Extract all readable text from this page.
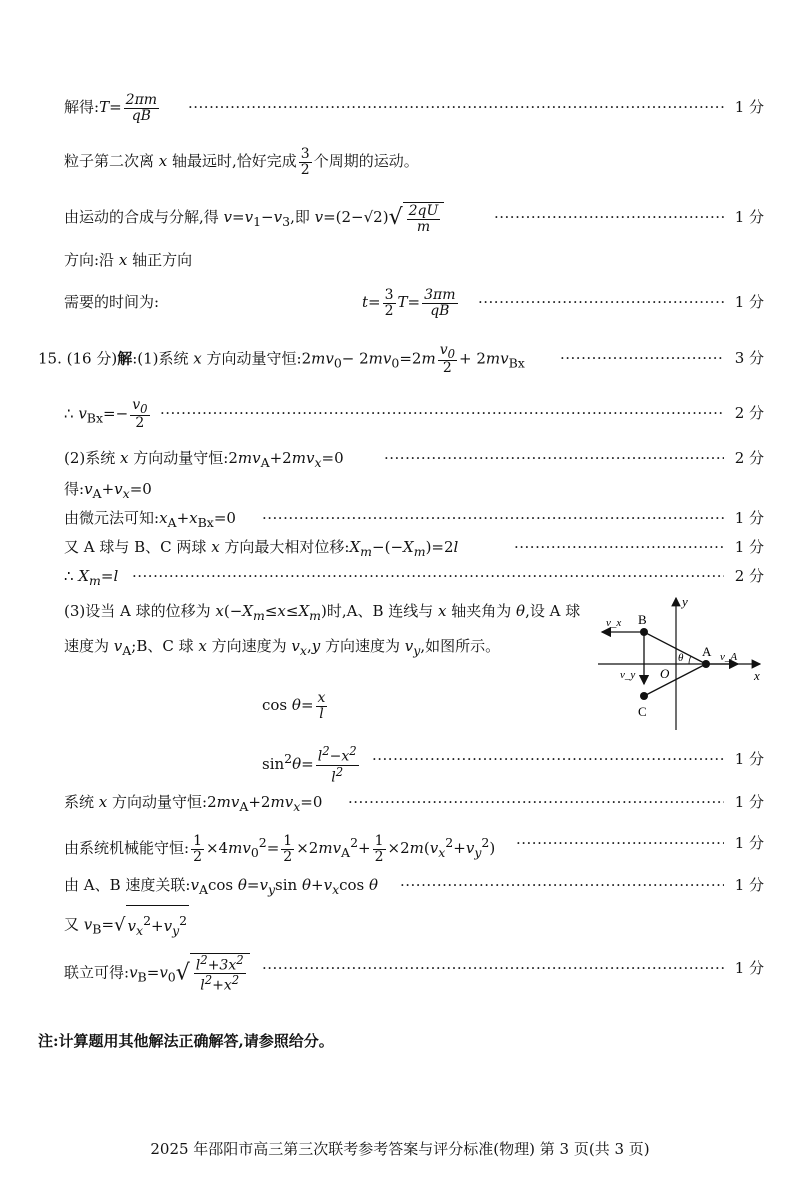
解得:T= $\frac{2\pi m}{qB}$ ·····	1 分
粒子第二次离 x 轴最远时,恰好完成 $\frac{3}{2}$ 个周期的运动。
由运动的合成与分解,得 $v=v_1-v_3$,即 $v=(2-√2)√ \frac{2qU}{m}$ ·····	1 分
方向:沿 x 轴正方向
需要的时间为:	$t= \frac{3}{2} T= \frac{3\pi m}{qB}$ ·····	1 分
15. (16 分)解:(1)系统 x 方向动量守恒$:2mv_0- 2mv_0=2m \frac{v_0}{2} + 2mv_{Bx}$ ·····	3 分
∴ $v_{Bx}=- \frac{v_0}{2}$ ·····	2 分
(2)系统 x 方向动量守恒$:2mv_A+2mv_x=0$ ·····	2 分
得$:v_A+v_x=0$
由微元法可知$:x_A+x_{Bx}=0$ ·····	1 分
又 A 球与 B、C 两球 x 方向最大相对位移$:X_m-(-X_m)=2l$ ·····	1 分
∴ $X_m=l$ ·····	2 分
(3)设当 A 球的位移为 $x(-X_m\le x\le X_m)$时,A、B 连线与 x 轴夹角为 θ,设 A 球速度为 $v_A;B$、C 球 x 方向速度为 $v_x,y$ 方向速度为 $v_y$,如图所示。
y
x
B
A
C
O
θ
v_x
v_y
v_A
$\cos \theta= \frac{x}{l}$
$\sin^2\theta= \frac{l^2-x^2}{l^2}$ ·····	1 分
系统 x 方向动量守恒$:2mv_A+2mv_x=0$ ·····	1 分
由系统机械能守恒: $\frac{1}{2} \times 4mv_0^2= \frac{1}{2} \times 2mv_A^2+ \frac{1}{2} \times 2m(v_x^2+v_y^2)$ ·····	1 分
由 A、B 速度关联$:v_A\cos$ $\theta=v_y\sin$ $\theta+v_x\cos$ θ ·····	1 分
又 $v_B=√$ $v_x^2+v_y^2$
联立可得$:v_B=v_0√ \frac{l^2+3x^2}{l^2+x^2}$ ·····	1 分
注:计算题用其他解法正确解答,请参照给分。
2025 年邵阳市高三第三次联考参考答案与评分标准(物理) 第 3 页(共 3 页)
